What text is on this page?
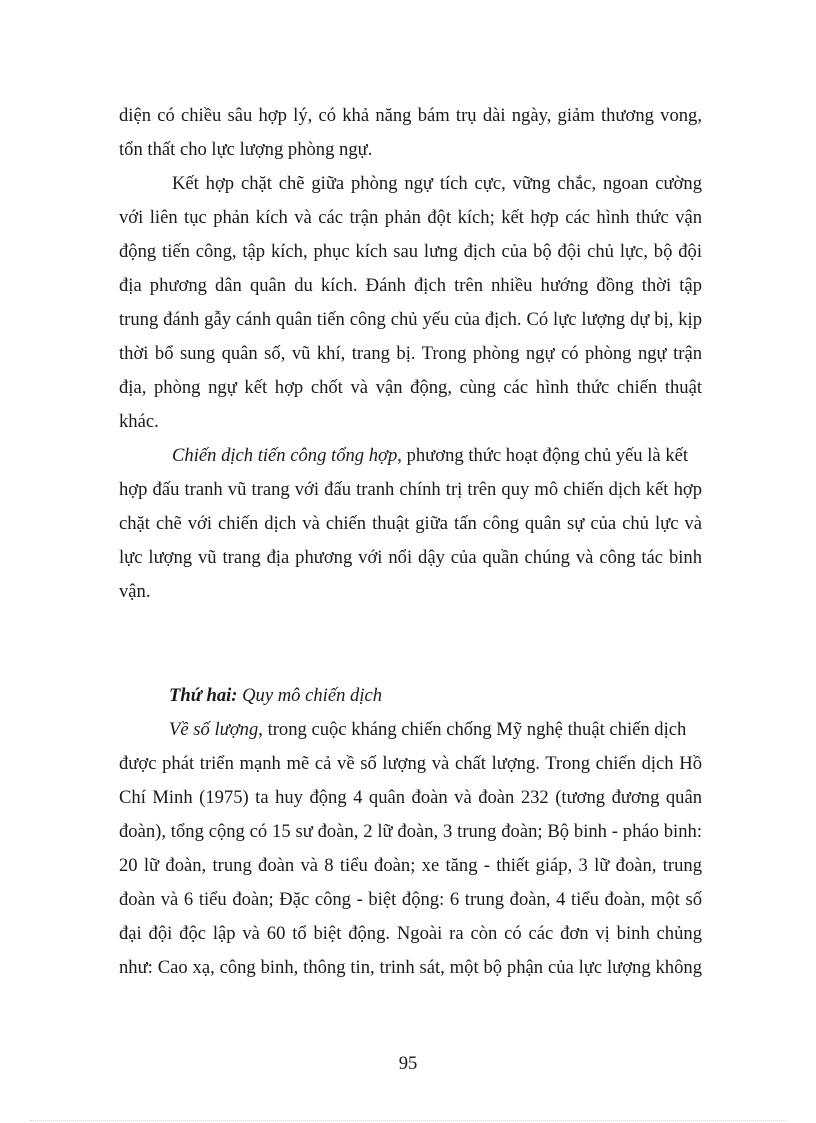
diện có chiều sâu hợp lý, có khả năng bám trụ dài ngày, giảm thương vong,
tổn thất cho lực lượng phòng ngự.
Kết hợp chặt chẽ giữa phòng ngự tích cực, vững chắc, ngoan cường
với liên tục phản kích và các trận phản đột kích; kết hợp các hình thức vận
động tiến công, tập kích, phục kích sau lưng địch của bộ đội chủ lực, bộ đội
địa phương dân quân du kích. Đánh địch trên nhiều hướng đồng thời tập
trung đánh gẫy cánh quân tiến công chủ yếu của địch. Có lực lượng dự bị, kịp
thời bổ sung quân số, vũ khí, trang bị. Trong phòng ngự có phòng ngự trận
địa, phòng ngự kết hợp chốt và vận động, cùng các hình thức chiến thuật
khác.
Chiến dịch tiến công tổng hợp, phương thức hoạt động chủ yếu là kết
hợp đấu tranh vũ trang với đấu tranh chính trị trên quy mô chiến dịch kết hợp
chặt chẽ với chiến dịch và chiến thuật giữa tấn công quân sự của chủ lực và
lực lượng vũ trang địa phương với nổi dậy của quần chúng và công tác binh
vận.
Thứ hai: Quy mô chiến dịch
Về số lượng, trong cuộc kháng chiến chống Mỹ nghệ thuật chiến dịch
được phát triển mạnh mẽ cả về số lượng và chất lượng. Trong chiến dịch Hồ
Chí Minh (1975) ta huy động 4 quân đoàn và đoàn 232 (tương đương quân
đoàn), tổng cộng có 15 sư đoàn, 2 lữ đoàn, 3 trung đoàn; Bộ binh - pháo binh:
20 lữ đoàn, trung đoàn và 8 tiểu đoàn; xe tăng - thiết giáp, 3 lữ đoàn, trung
đoàn và 6 tiểu đoàn; Đặc công - biệt động: 6 trung đoàn, 4 tiểu đoàn, một số
đại đội độc lập và 60 tổ biệt động. Ngoài ra còn có các đơn vị binh chủng
như: Cao xạ, công binh, thông tin, trinh sát, một bộ phận của lực lượng không
95
